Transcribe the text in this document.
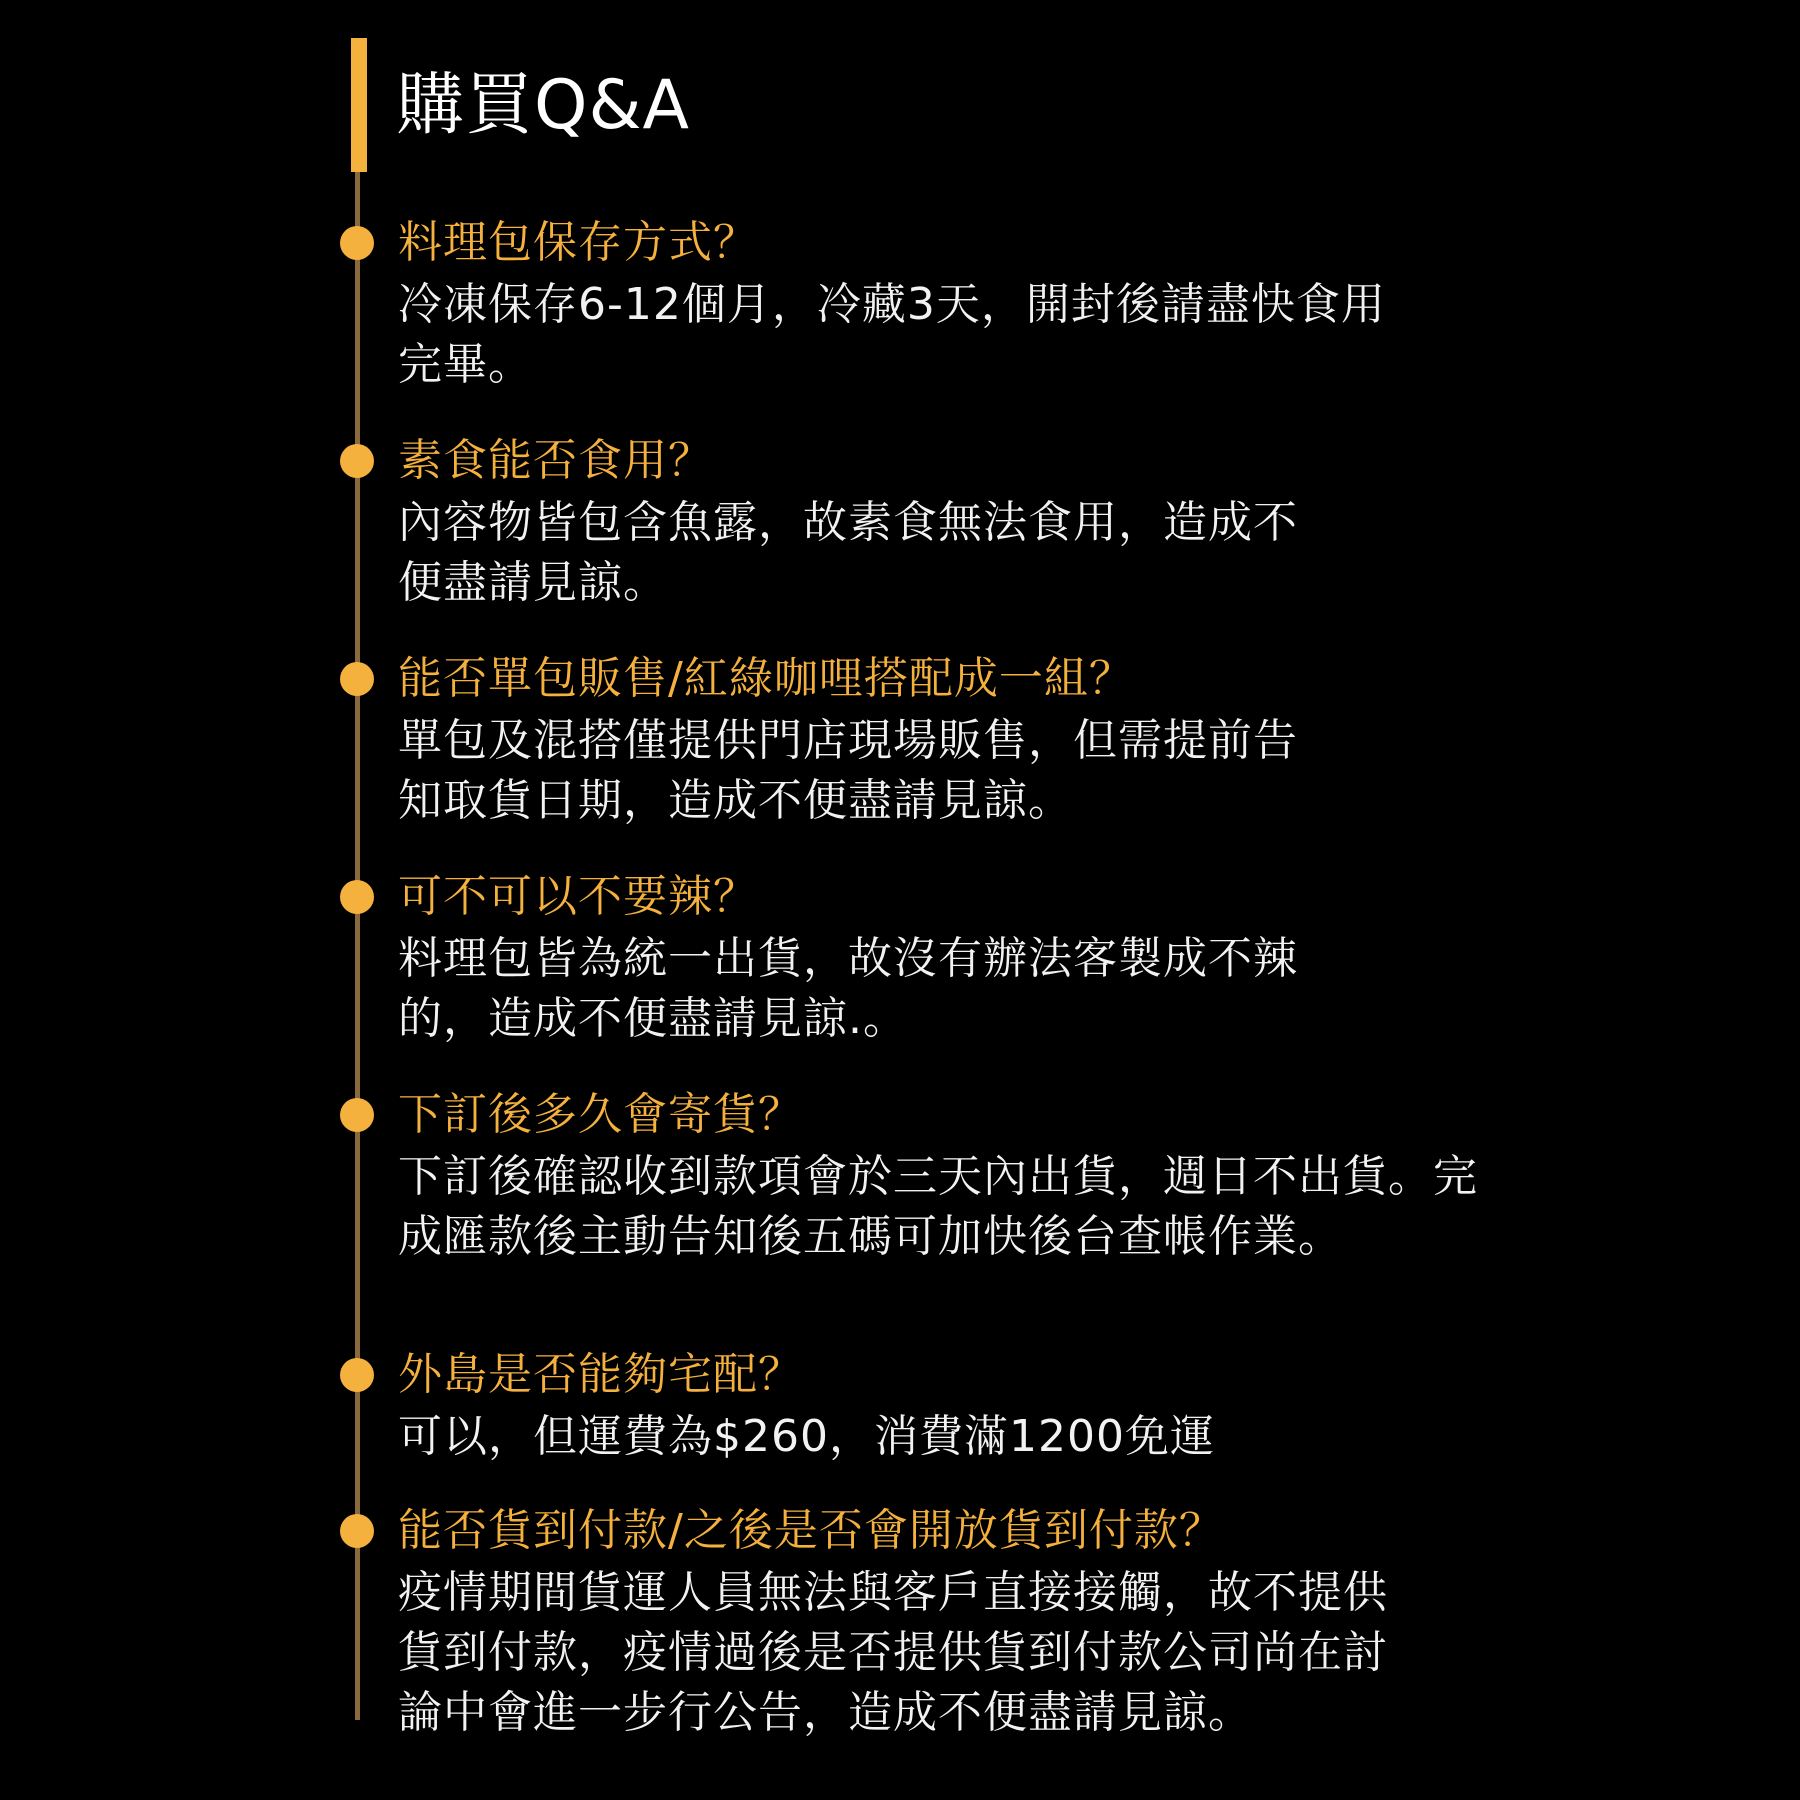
購買Q&A
料理包保存方式？
冷凍保存6-12個月，冷藏3天，開封後請盡快食用
完畢。
素食能否食用？
內容物皆包含魚露，故素食無法食用，造成不
便盡請見諒。
能否單包販售/紅綠咖哩搭配成一組？
單包及混搭僅提供門店現場販售，但需提前告
知取貨日期，造成不便盡請見諒。
可不可以不要辣？
料理包皆為統一出貨，故沒有辦法客製成不辣
的，造成不便盡請見諒.。
下訂後多久會寄貨？
下訂後確認收到款項會於三天內出貨，週日不出貨。完
成匯款後主動告知後五碼可加快後台查帳作業。
外島是否能夠宅配？
可以，但運費為$260，消費滿1200免運
能否貨到付款/之後是否會開放貨到付款？
疫情期間貨運人員無法與客戶直接接觸，故不提供
貨到付款，疫情過後是否提供貨到付款公司尚在討
論中會進一步行公告，造成不便盡請見諒。
